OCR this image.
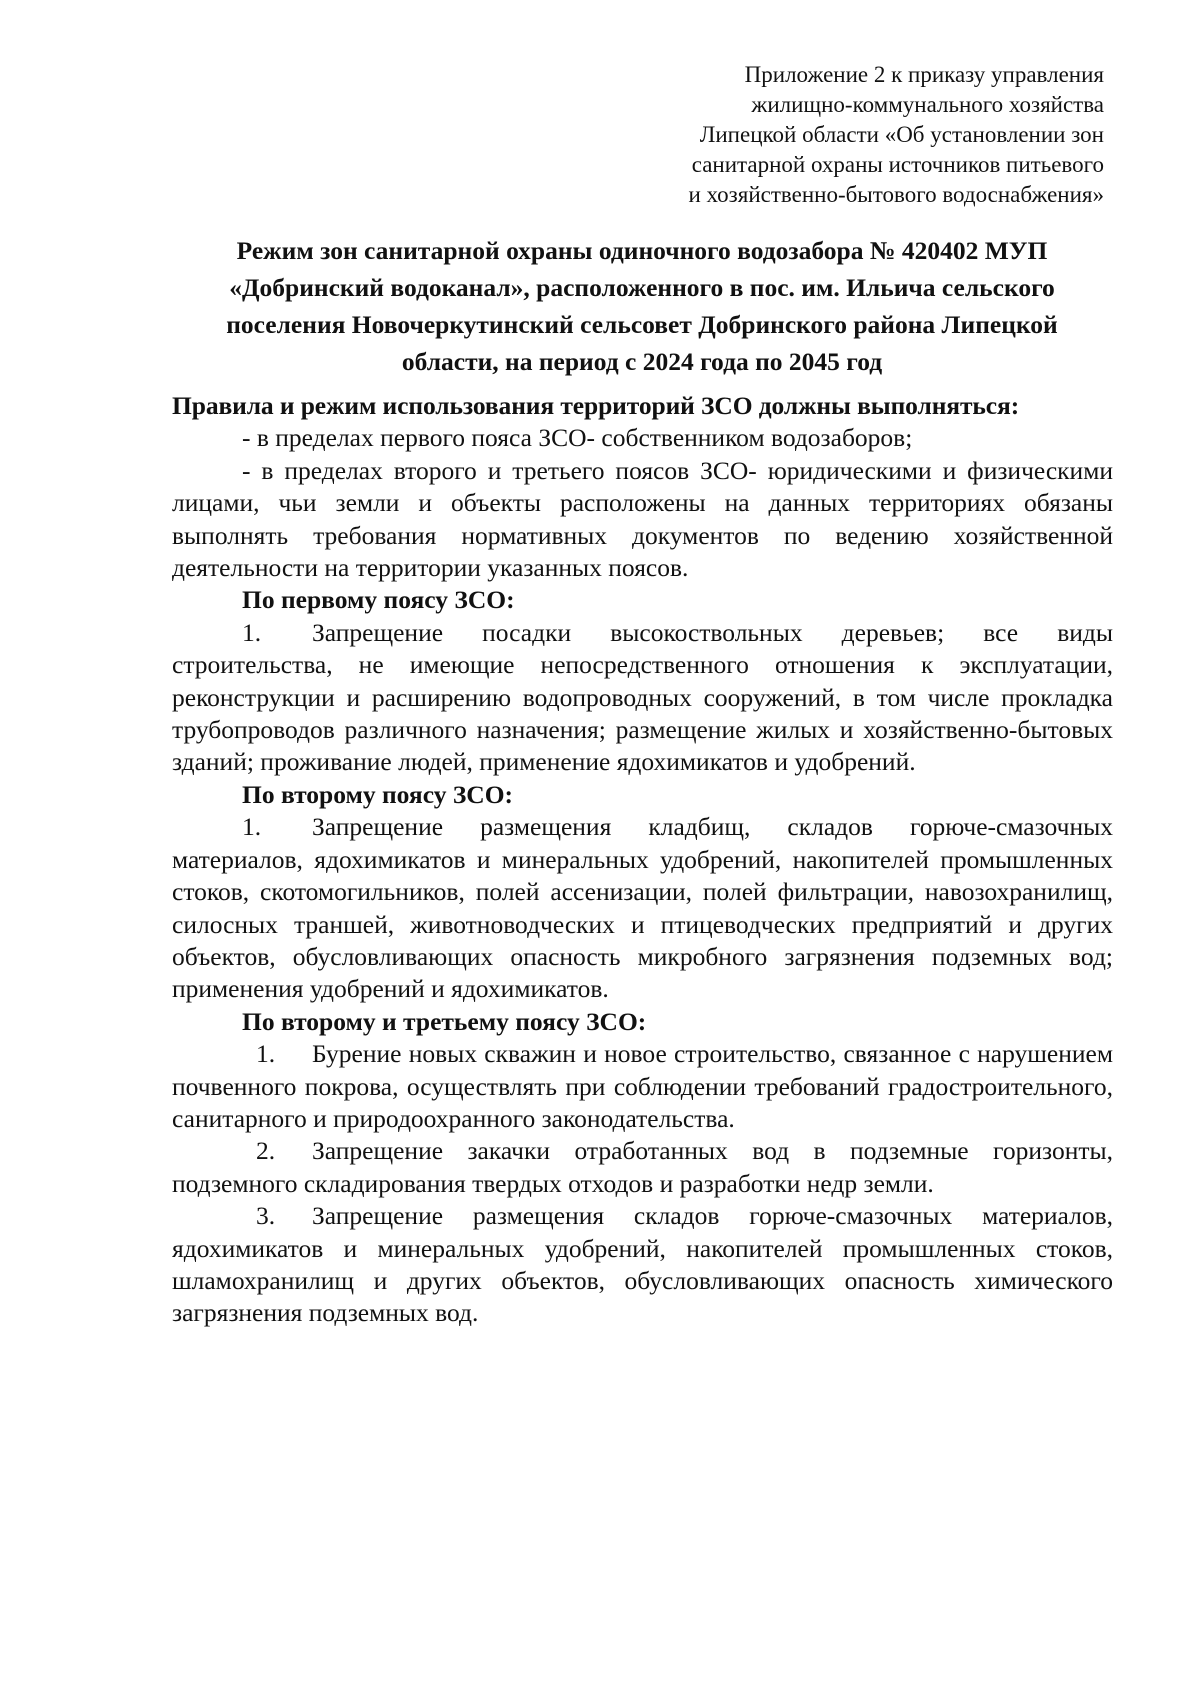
Приложение 2 к приказу управления
жилищно-коммунального хозяйства
Липецкой области «Об установлении зон
санитарной охраны источников питьевого
и хозяйственно-бытового водоснабжения»
Режим зон санитарной охраны одиночного водозабора № 420402 МУП
«Добринский водоканал», расположенного в пос. им. Ильича сельского
поселения Новочеркутинский сельсовет Добринского района Липецкой
области, на период с 2024 года по 2045 год

Правила и режим использования территорий ЗСО должны выполняться:

- в пределах первого пояса ЗСО- собственником водозаборов;

- в пределах второго и третьего поясов ЗСО- юридическими и физическими лицами, чьи земли и объекты расположены на данных территориях обязаны выполнять требования нормативных документов по ведению хозяйственной деятельности на территории указанных поясов.

По первому поясу ЗСО:

1. Запрещение посадки высокоствольных деревьев; все виды строительства, не имеющие непосредственного отношения к эксплуатации, реконструкции и расширению водопроводных сооружений, в том числе прокладка трубопроводов различного назначения; размещение жилых и хозяйственно-бытовых зданий; проживание людей, применение ядохимикатов и удобрений.

По второму поясу ЗСО:

1. Запрещение размещения кладбищ, складов горюче-смазочных материалов, ядохимикатов и минеральных удобрений, накопителей промышленных стоков, скотомогильников, полей ассенизации, полей фильтрации, навозохранилищ, силосных траншей, животноводческих и птицеводческих предприятий и других объектов, обусловливающих опасность микробного загрязнения подземных вод; применения удобрений и ядохимикатов.

По второму и третьему поясу ЗСО:

1. Бурение новых скважин и новое строительство, связанное с нарушением почвенного покрова, осуществлять при соблюдении требований градостроительного, санитарного и природоохранного законодательства.

2. Запрещение закачки отработанных вод в подземные горизонты, подземного складирования твердых отходов и разработки недр земли.

3. Запрещение размещения складов горюче-смазочных материалов, ядохимикатов и минеральных удобрений, накопителей промышленных стоков, шламохранилищ и других объектов, обусловливающих опасность химического загрязнения подземных вод.
